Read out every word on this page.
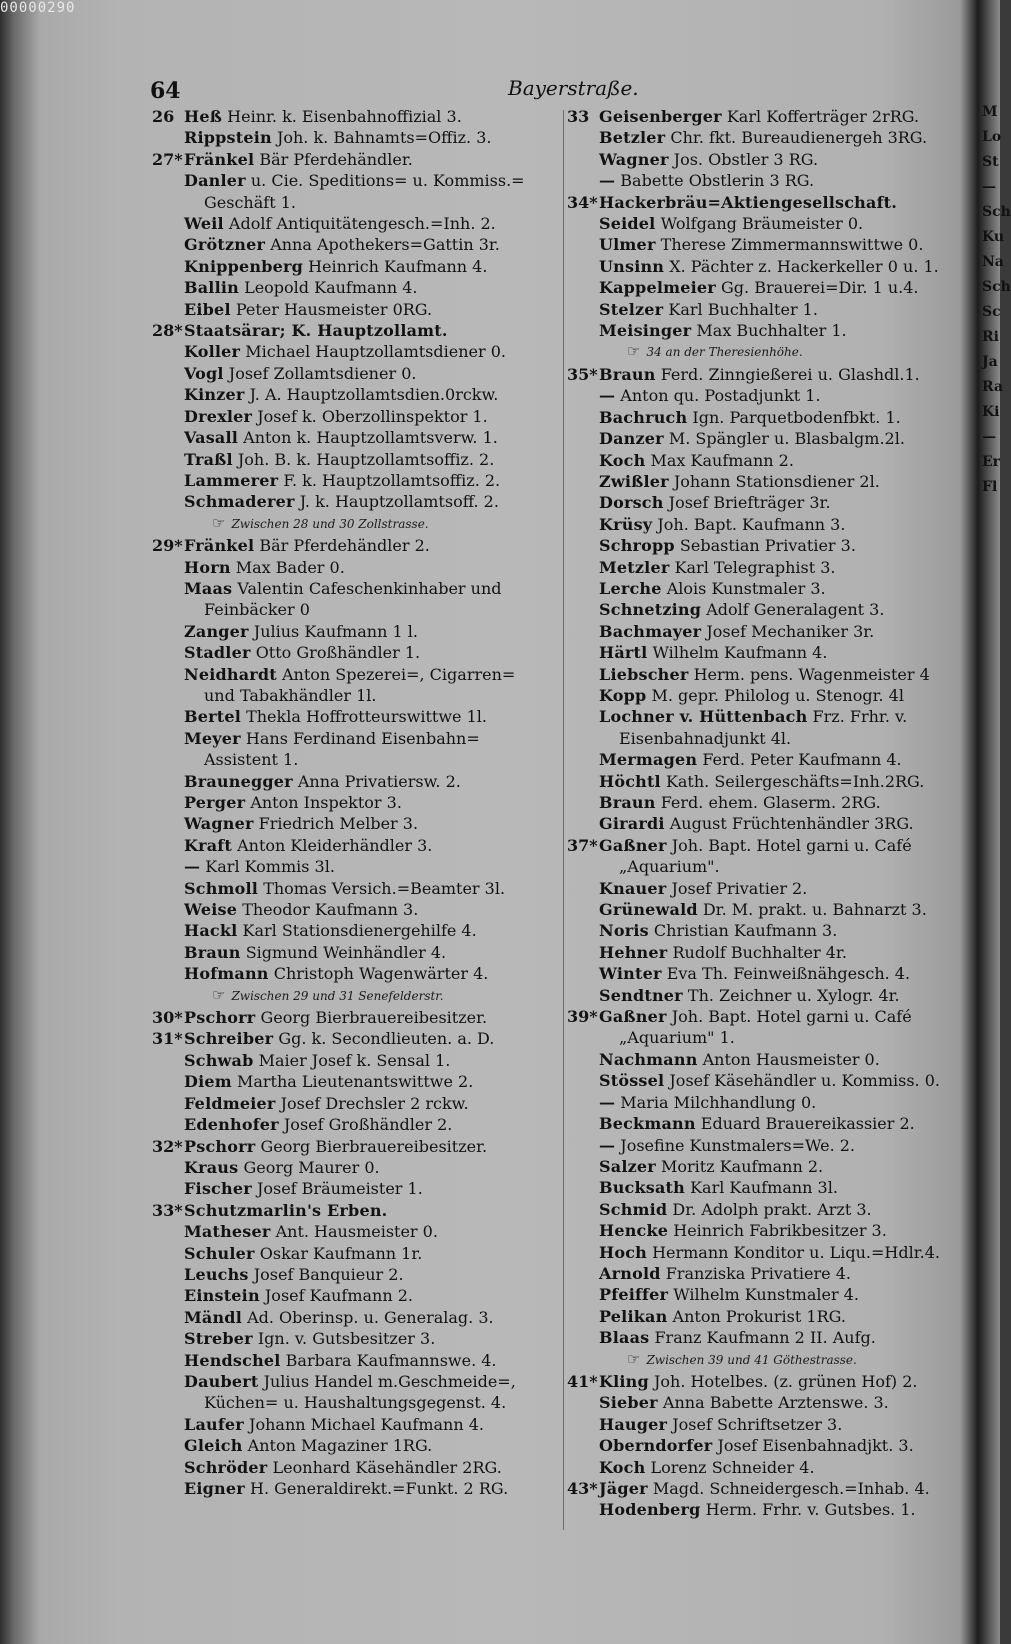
00000290
64	Bayerstraße.
26 Heß Heinr. k. Eisenbahnoffizial 3.
Rippstein Joh. k. Bahnamts=Offiz. 3.
27*Fränkel Bär Pferdehändler.
Danler u. Cie. Speditions= u. Kommiss.=
Geschäft 1.
Weil Adolf Antiquitätengesch.=Inh. 2.
Grötzner Anna Apothekers=Gattin 3r.
Knippenberg Heinrich Kaufmann 4.
Ballin Leopold Kaufmann 4.
Eibel Peter Hausmeister 0RG.
28*Staatsärar; K. Hauptzollamt.
Koller Michael Hauptzollamtsdiener 0.
Vogl Josef Zollamtsdiener 0.
Kinzer J. A. Hauptzollamtsdien.0rckw.
Drexler Josef k. Oberzollinspektor 1.
Vasall Anton k. Hauptzollamtsverw. 1.
Traßl Joh. B. k. Hauptzollamtsoffiz. 2.
Lammerer F. k. Hauptzollamtsoffiz. 2.
Schmaderer J. k. Hauptzollamtsoff. 2.
☞ Zwischen 28 und 30 Zollstrasse.
29*Fränkel Bär Pferdehändler 2.
Horn Max Bader 0.
Maas Valentin Cafeschenkinhaber und
Feinbäcker 0
Zanger Julius Kaufmann 1 l.
Stadler Otto Großhändler 1.
Neidhardt Anton Spezerei=, Cigarren=
und Tabakhändler 1l.
Bertel Thekla Hoffrotteurswittwe 1l.
Meyer Hans Ferdinand Eisenbahn=
Assistent 1.
Braunegger Anna Privatiersw. 2.
Perger Anton Inspektor 3.
Wagner Friedrich Melber 3.
Kraft Anton Kleiderhändler 3.
— Karl Kommis 3l.
Schmoll Thomas Versich.=Beamter 3l.
Weise Theodor Kaufmann 3.
Hackl Karl Stationsdienergehilfe 4.
Braun Sigmund Weinhändler 4.
Hofmann Christoph Wagenwärter 4.
☞ Zwischen 29 und 31 Senefelderstr.
30*Pschorr Georg Bierbrauereibesitzer.
31*Schreiber Gg. k. Secondlieuten. a. D.
Schwab Maier Josef k. Sensal 1.
Diem Martha Lieutenantswittwe 2.
Feldmeier Josef Drechsler 2 rckw.
Edenhofer Josef Großhändler 2.
32*Pschorr Georg Bierbrauereibesitzer.
Kraus Georg Maurer 0.
Fischer Josef Bräumeister 1.
33*Schutzmarlin's Erben.
Matheser Ant. Hausmeister 0.
Schuler Oskar Kaufmann 1r.
Leuchs Josef Banquieur 2.
Einstein Josef Kaufmann 2.
Mändl Ad. Oberinsp. u. Generalag. 3.
Streber Ign. v. Gutsbesitzer 3.
Hendschel Barbara Kaufmannswe. 4.
Daubert Julius Handel m.Geschmeide=,
Küchen= u. Haushaltungsgegenst. 4.
Laufer Johann Michael Kaufmann 4.
Gleich Anton Magaziner 1RG.
Schröder Leonhard Käsehändler 2RG.
Eigner H. Generaldirekt.=Funkt. 2 RG.
33 Geisenberger Karl Kofferträger 2rRG.
Betzler Chr. fkt. Bureaudienergeh 3RG.
Wagner Jos. Obstler 3 RG.
— Babette Obstlerin 3 RG.
34*Hackerbräu=Aktiengesellschaft.
Seidel Wolfgang Bräumeister 0.
Ulmer Therese Zimmermannswittwe 0.
Unsinn X. Pächter z. Hackerkeller 0 u. 1.
Kappelmeier Gg. Brauerei=Dir. 1 u.4.
Stelzer Karl Buchhalter 1.
Meisinger Max Buchhalter 1.
☞ 34 an der Theresienhöhe.
35*Braun Ferd. Zinngießerei u. Glashdl.1.
— Anton qu. Postadjunkt 1.
Bachruch Ign. Parquetbodenfbkt. 1.
Danzer M. Spängler u. Blasbalgm.2l.
Koch Max Kaufmann 2.
Zwißler Johann Stationsdiener 2l.
Dorsch Josef Briefträger 3r.
Krüsy Joh. Bapt. Kaufmann 3.
Schropp Sebastian Privatier 3.
Metzler Karl Telegraphist 3.
Lerche Alois Kunstmaler 3.
Schnetzing Adolf Generalagent 3.
Bachmayer Josef Mechaniker 3r.
Härtl Wilhelm Kaufmann 4.
Liebscher Herm. pens. Wagenmeister 4
Kopp M. gepr. Philolog u. Stenogr. 4l
Lochner v. Hüttenbach Frz. Frhr. v.
Eisenbahnadjunkt 4l.
Mermagen Ferd. Peter Kaufmann 4.
Höchtl Kath. Seilergeschäfts=Inh.2RG.
Braun Ferd. ehem. Glaserm. 2RG.
Girardi August Früchtenhändler 3RG.
37*Gaßner Joh. Bapt. Hotel garni u. Café
„Aquarium".
Knauer Josef Privatier 2.
Grünewald Dr. M. prakt. u. Bahnarzt 3.
Noris Christian Kaufmann 3.
Hehner Rudolf Buchhalter 4r.
Winter Eva Th. Feinweißnähgesch. 4.
Sendtner Th. Zeichner u. Xylogr. 4r.
39*Gaßner Joh. Bapt. Hotel garni u. Café
„Aquarium" 1.
Nachmann Anton Hausmeister 0.
Stössel Josef Käsehändler u. Kommiss. 0.
— Maria Milchhandlung 0.
Beckmann Eduard Brauereikassier 2.
— Josefine Kunstmalers=We. 2.
Salzer Moritz Kaufmann 2.
Bucksath Karl Kaufmann 3l.
Schmid Dr. Adolph prakt. Arzt 3.
Hencke Heinrich Fabrikbesitzer 3.
Hoch Hermann Konditor u. Liqu.=Hdlr.4.
Arnold Franziska Privatiere 4.
Pfeiffer Wilhelm Kunstmaler 4.
Pelikan Anton Prokurist 1RG.
Blaas Franz Kaufmann 2 II. Aufg.
☞ Zwischen 39 und 41 Göthestrasse.
41*Kling Joh. Hotelbes. (z. grünen Hof) 2.
Sieber Anna Babette Arztenswe. 3.
Hauger Josef Schriftsetzer 3.
Oberndorfer Josef Eisenbahnadjkt. 3.
Koch Lorenz Schneider 4.
43*Jäger Magd. Schneidergesch.=Inhab. 4.
Hodenberg Herm. Frhr. v. Gutsbes. 1.
M
Lo
St
—
Sch
Ku
Na
Sch
Sc
Ri
Ja
Ra
Ki
—
Er
Fl
